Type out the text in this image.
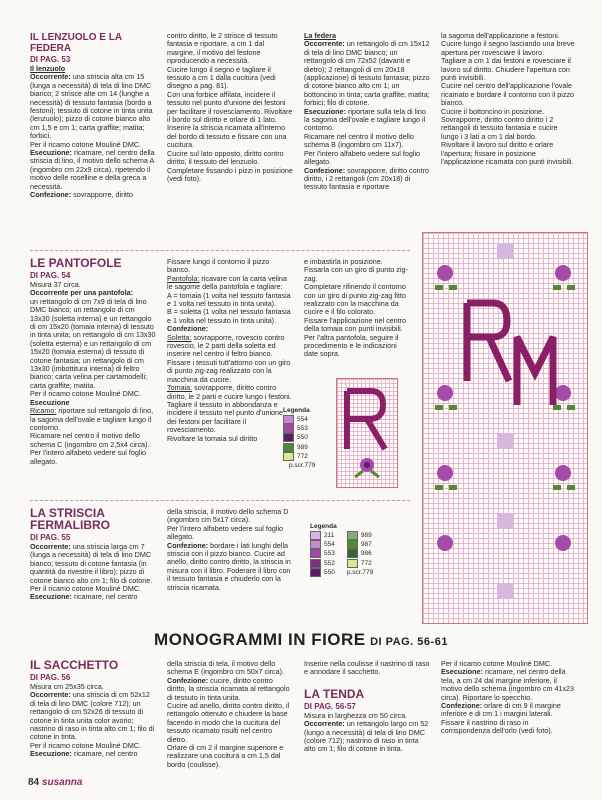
IL LENZUOLO E LA FEDERA

DI PAG. 53

Il lenzuolo

Occorrente: una striscia alta cm 15 (lunga a necessità) di tela di lino DMC bianco; 2 strisce alte cm 14 (lunghe a necessità) di tessuto fantasia (bordo a festoni); tessuto di cotone in tinta unita (lenzuolo); pizzo di cotone bianco alto cm 1,5 e cm 1; carta graffite; matita; forbici.

Per il ricamo cotone Mouliné DMC.

Esecuzione: ricamare, nel centro della striscia di lino, il motivo dello schema A (ingombro cm 22x9 circa), ripetendo il motivo delle roselline e della greca a necessità.

Confezione: sovrapporre, diritto

contro diritto, le 2 strisce di tessuto fantasia e riportare, a cm 1 dal margine, il motivo del festone riproducendo a necessità.
Cucire lungo il segno e tagliare il tessuto a cm 1 dalla cucitura (vedi disegno a pag. 81).
Con una forbice affilata, incidere il tessuto nel punto d'unione dei festoni per facilitare il rovesciamento. Rivoltare il bordo sul diritto e orlare di 1 lato.
Inserire la striscia ricamata all'interno del bordo di tessuto e fissare con una cucitura.
Cucire sul lato opposto, diritto contro diritto, il tessuto del lenzuolo.
Completare fissando i pizzi in posizione (vedi foto).

La federa

Occorrente: un rettangolo di cm 15x12 di tela di lino DMC bianco; un rettangolo di cm 72x52 (davanti e dietro); 2 rettangoli di cm 20x18 (applicazione) di tessuto fantasia; pizzo di cotone bianco alto cm 1; un bottoncino in tinta; carta graffite; matita; forbici; filo di cotone.

Esecuzione: riportare sulla tela di lino la sagoma dell'ovale e tagliare lungo il contorno.
Ricamare nel centro il motivo dello schema B (ingombro cm 11x7).
Per l'intero alfabeto vedere sul foglio allegato.

Confezione: sovrapporre, diritto contro diritto, i 2 rettangoli (cm 20x18) di tessuto fantasia e riportare

la sagoma dell'applicazione a festoni. Cucire lungo il segno lasciando una breve apertura per rovesciare il lavoro.
Tagliare a cm 1 dai festoni e rovesciare il lavoro sul diritto. Chiudere l'apertura con punti invisibili.
Cucire nel centro dell'applicazione l'ovale ricamato e bordare il contorno con il pizzo bianco.
Cucire il bottoncino in posizione.
Sovrapporre, diritto contro diritto i 2 rettangoli di tessuto fantasia e cucire lungo i 3 lati a cm 1 dal bordo.
Rivoltare il lavoro sul diritto e orlare l'apertura; fissare in posizione l'applicazione ricamata con punti invisibili.

LE PANTOFOLE

DI PAG. 54

Misura 37 circa.

Occorrente per una pantofola:

un rettangolo di cm 7x9 di tela di lino DMC bianco; un rettangolo di cm 13x30 (soletta interna) e un rettangolo di cm 15x20 (tomaia interna) di tessuto in tinta unita; un rettangolo di cm 13x30 (soletta esterna) e un rettangolo di cm 15x20 (tomaia esterna) di tessuto di cotone fantasia; un rettangolo di cm 13x30 (imbottitura interna) di feltro bianco; carta velina per cartamodelli; carta graffite; matita.
Per il ricamo cotone Mouliné DMC.

Esecuzione

Ricamo: riportare sul rettangolo di lino, la sagoma dell'ovale e tagliare lungo il contorno.
Ricamare nel centro il motivo dello schema C (ingombro cm 2,5x4 circa).
Per l'intero alfabeto vedere sul foglio allegato.

Fissare lungo il contorno il pizzo bianco.

Pantofola: ricavare con la carta velina le sagome della pantofola e tagliare:

A = tomaia (1 volta nel tessuto fantasia e 1 volta nel tessuto in tinta unita).

B = soletta (1 volta nel tessuto fantasia e 1 volta nel tessuto in tinta unita).

Confezione:

Soletta: sovrapporre, rovescio contro rovescio, le 2 parti della soletta ed inserire nel centro il feltro bianco. Fissare i tessuti tutt'attorno con un giro di punto zig-zag realizzato con la macchina da cucire.

Tomaia: sovrapporre, diritto contro diritto, le 2 parti e cucire lungo i festoni.
Tagliare il tessuto in abbondanza e incidere il tessuto nel punto d'unione dei festoni per facilitare il rovesciamento.
Rivoltare la tomaia sul diritto

e imbastirla in posizione.
Fissarla con un giro di punto zig-zag.
Completare rifinendo il contorno con un giro di punto zig-zag fitto realizzato con la macchina da cucire e il filo colorato.
Fissare l'applicazione nel centro della tomaia con punti invisibili.
Per l'altra pantofola, seguire il procedimento e le indicazioni date sopra.
Legenda
554
553
550
989
772
p.scr.779

LA STRISCIA FERMALIBRO

DI PAG. 55

Occorrente: una striscia larga cm 7 (lunga a necessità) di tela di lino DMC bianco; tessuto di cotone fantasia (in quantità da rivestire il libro); pizzo di cotone bianco alto cm 1; filo di cotone.
Per il ricamo cotone Mouliné DMC.

Esecuzione: ricamare, nel centro

della striscia, il motivo dello schema D (ingombro cm 5x17 circa).
Per l'intero alfabeto vedere sul foglio allegato.

Confezione: bordare i lati lunghi della striscia con il pizzo bianco. Cucire ad anello, diritto contro diritto, la striscia in misura con il libro. Foderare il libro con il tessuto fantasia e chiuderlo con la striscia ricamata.

Legenda
211
554
553
552
550
989
987
986
772
p.scr.779
MONOGRAMMI IN FIORE DI PAG. 56-61

IL SACCHETTO

DI PAG. 56

Misura cm 25x35 circa.

Occorrente: una striscia di cm 52x12 di tela di lino DMC (colore 712); un rettangolo di cm 52x26 di tessuto di cotone in tinta unita color avorio; nastrino di raso in tinta alto cm 1; filo di cotone in tinta.
Per il ricamo cotone Mouliné DMC.

Esecuzione: ricamare, nel centro

della striscia di tela, il motivo dello schema E (ingombro cm 50x7 circa).

Confezione: cucire, diritto contro diritto, la striscia ricamata al rettangolo di tessuto in tinta unita.
Cucire ad anello, diritto contro diritto, il rettangolo ottenuto e chiudere la base facendo in modo che la cucitura del tessuto ricamato risulti nel centro dietro.
Orlare di cm 2 il margine superiore e realizzare una cucitura a cm 1,5 dal bordo (coulisse).

Inserire nella coulisse il nastrino di raso e annodare il sacchetto.

LA TENDA

DI PAG. 56-57

Misura in larghezza cm 50 circa.

Occorrente: un rettangolo largo cm 52 (lungo a necessità) di tela di lino DMC (colore 712); nastrino di raso in tinta alto cm 1; filo di cotone in tinta.

Per il ricamo cotone Mouliné DMC.

Esecuzione: ricamare, nel centro della tela, a cm 24 dal margine inferiore, il motivo dello schema (ingombro cm 41x23 circa). Riportare lo specchio.

Confezione: orlare di cm 9 il margine inferiore e di cm 1 i margini laterali.
Fissare il nastrino di raso in corrispondenza dell'orlo (vedi foto).

84 susanna
